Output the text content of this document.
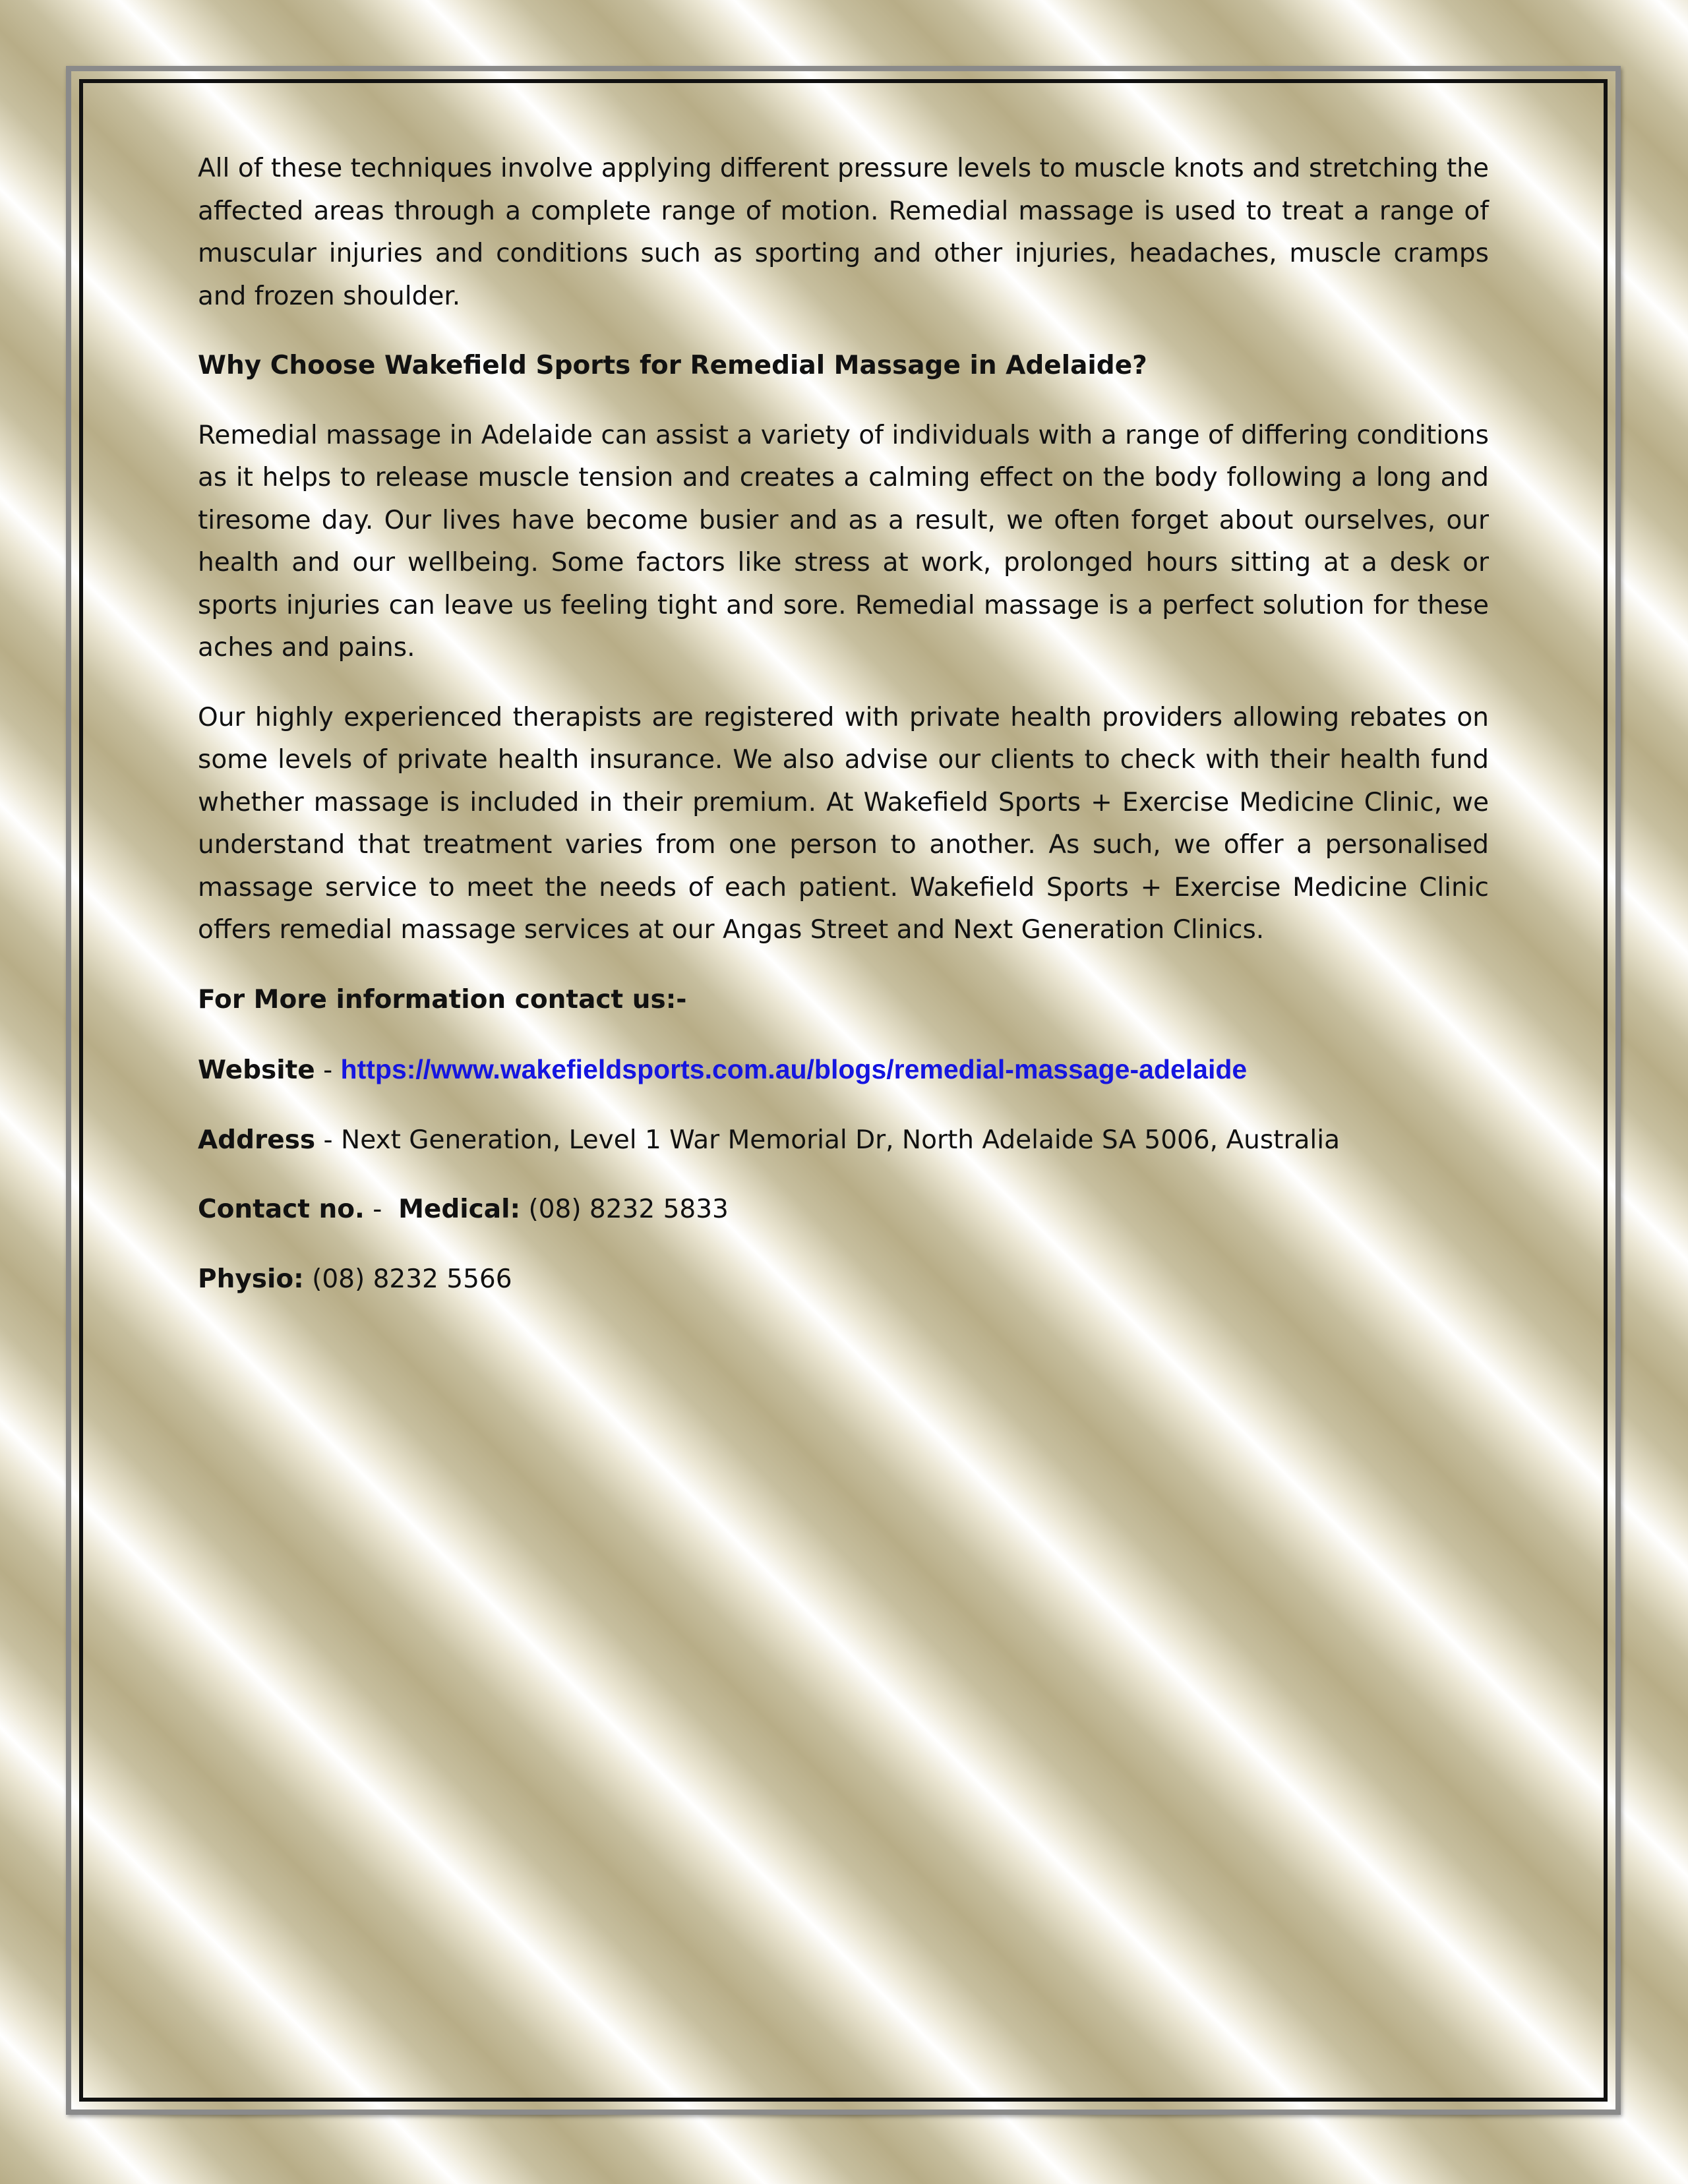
All of these techniques involve applying different pressure levels to muscle knots and stretching the affected areas through a complete range of motion. Remedial massage is used to treat a range of muscular injuries and conditions such as sporting and other injuries, headaches, muscle cramps and frozen shoulder.

Why Choose Wakefield Sports for Remedial Massage in Adelaide?

Remedial massage in Adelaide can assist a variety of individuals with a range of differing conditions as it helps to release muscle tension and creates a calming effect on the body following a long and tiresome day. Our lives have become busier and as a result, we often forget about ourselves, our health and our wellbeing. Some factors like stress at work, prolonged hours sitting at a desk or sports injuries can leave us feeling tight and sore. Remedial massage is a perfect solution for these aches and pains.

Our highly experienced therapists are registered with private health providers allowing rebates on some levels of private health insurance. We also advise our clients to check with their health fund whether massage is included in their premium. At Wakefield Sports + Exercise Medicine Clinic, we understand that treatment varies from one person to another. As such, we offer a personalised massage service to meet the needs of each patient. Wakefield Sports + Exercise Medicine Clinic offers remedial massage services at our Angas Street and Next Generation Clinics.

For More information contact us:-

Website - https://www.wakefieldsports.com.au/blogs/remedial-massage-adelaide

Address - Next Generation, Level 1 War Memorial Dr, North Adelaide SA 5006, Australia

Contact no. -  Medical: (08) 8232 5833

Physio: (08) 8232 5566
